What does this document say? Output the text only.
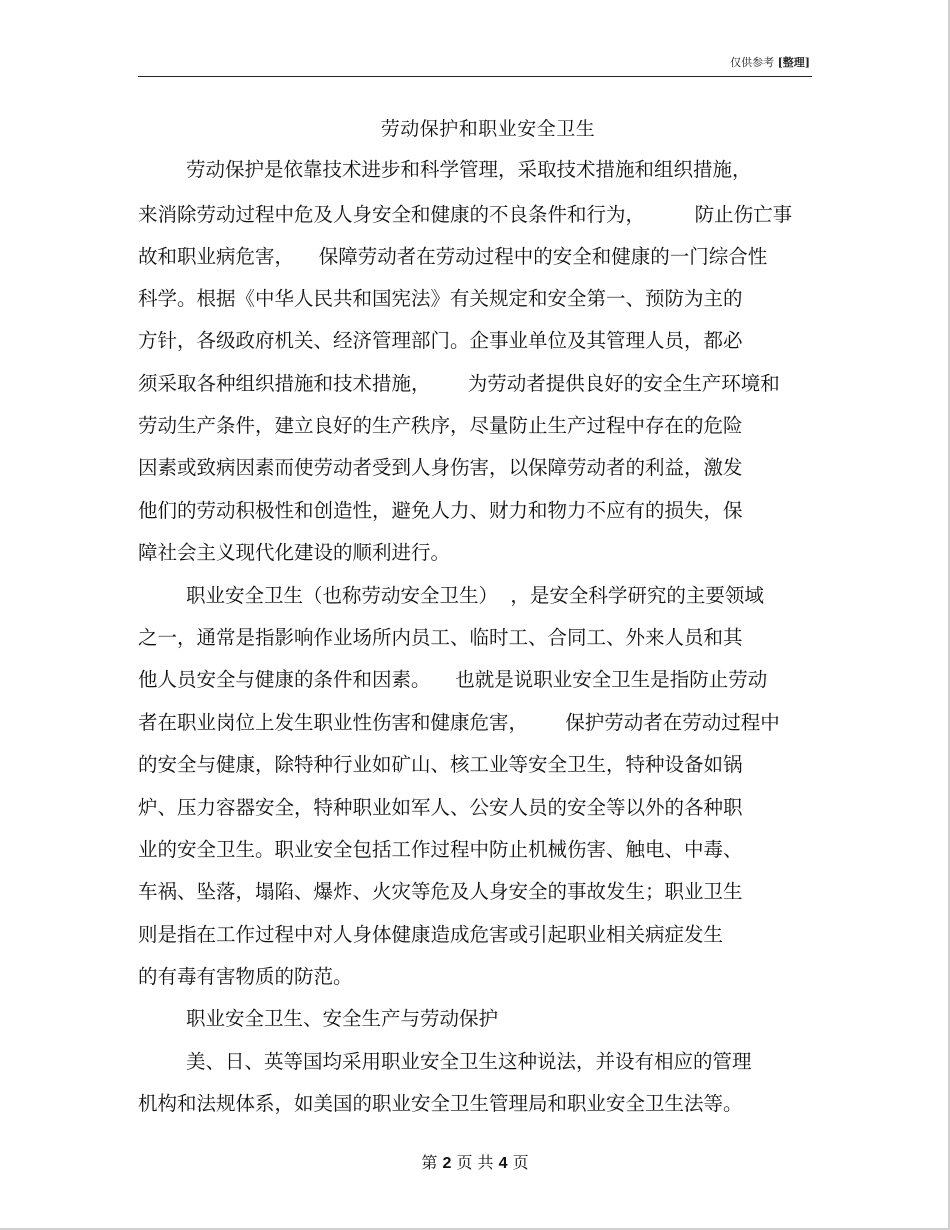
仅供参考 [整理]
劳动保护和职业安全卫生
劳动保护是依靠技术进步和科学管理，采取技术措施和组织措施，
来消除劳动过程中危及人身安全和健康的不良条件和行为，        防止伤亡事
故和职业病危害，    保障劳动者在劳动过程中的安全和健康的一门综合性
科学。根据《中华人民共和国宪法》有关规定和安全第一、预防为主的
方针，各级政府机关、经济管理部门。企事业单位及其管理人员，都必
须采取各种组织措施和技术措施，      为劳动者提供良好的安全生产环境和
劳动生产条件，建立良好的生产秩序，尽量防止生产过程中存在的危险
因素或致病因素而使劳动者受到人身伤害，以保障劳动者的利益，激发
他们的劳动积极性和创造性，避免人力、财力和物力不应有的损失，保
障社会主义现代化建设的顺利进行。
职业安全卫生（也称劳动安全卫生）  ，是安全科学研究的主要领域
之一，通常是指影响作业场所内员工、临时工、合同工、外来人员和其
他人员安全与健康的条件和因素。    也就是说职业安全卫生是指防止劳动
者在职业岗位上发生职业性伤害和健康危害，      保护劳动者在劳动过程中
的安全与健康，除特种行业如矿山、核工业等安全卫生，特种设备如锅
炉、压力容器安全，特种职业如军人、公安人员的安全等以外的各种职
业的安全卫生。职业安全包括工作过程中防止机械伤害、触电、中毒、
车祸、坠落，塌陷、爆炸、火灾等危及人身安全的事故发生；职业卫生
则是指在工作过程中对人身体健康造成危害或引起职业相关病症发生
的有毒有害物质的防范。
职业安全卫生、安全生产与劳动保护
美、日、英等国均采用职业安全卫生这种说法，并设有相应的管理
机构和法规体系，如美国的职业安全卫生管理局和职业安全卫生法等。
第 2 页 共 4 页
